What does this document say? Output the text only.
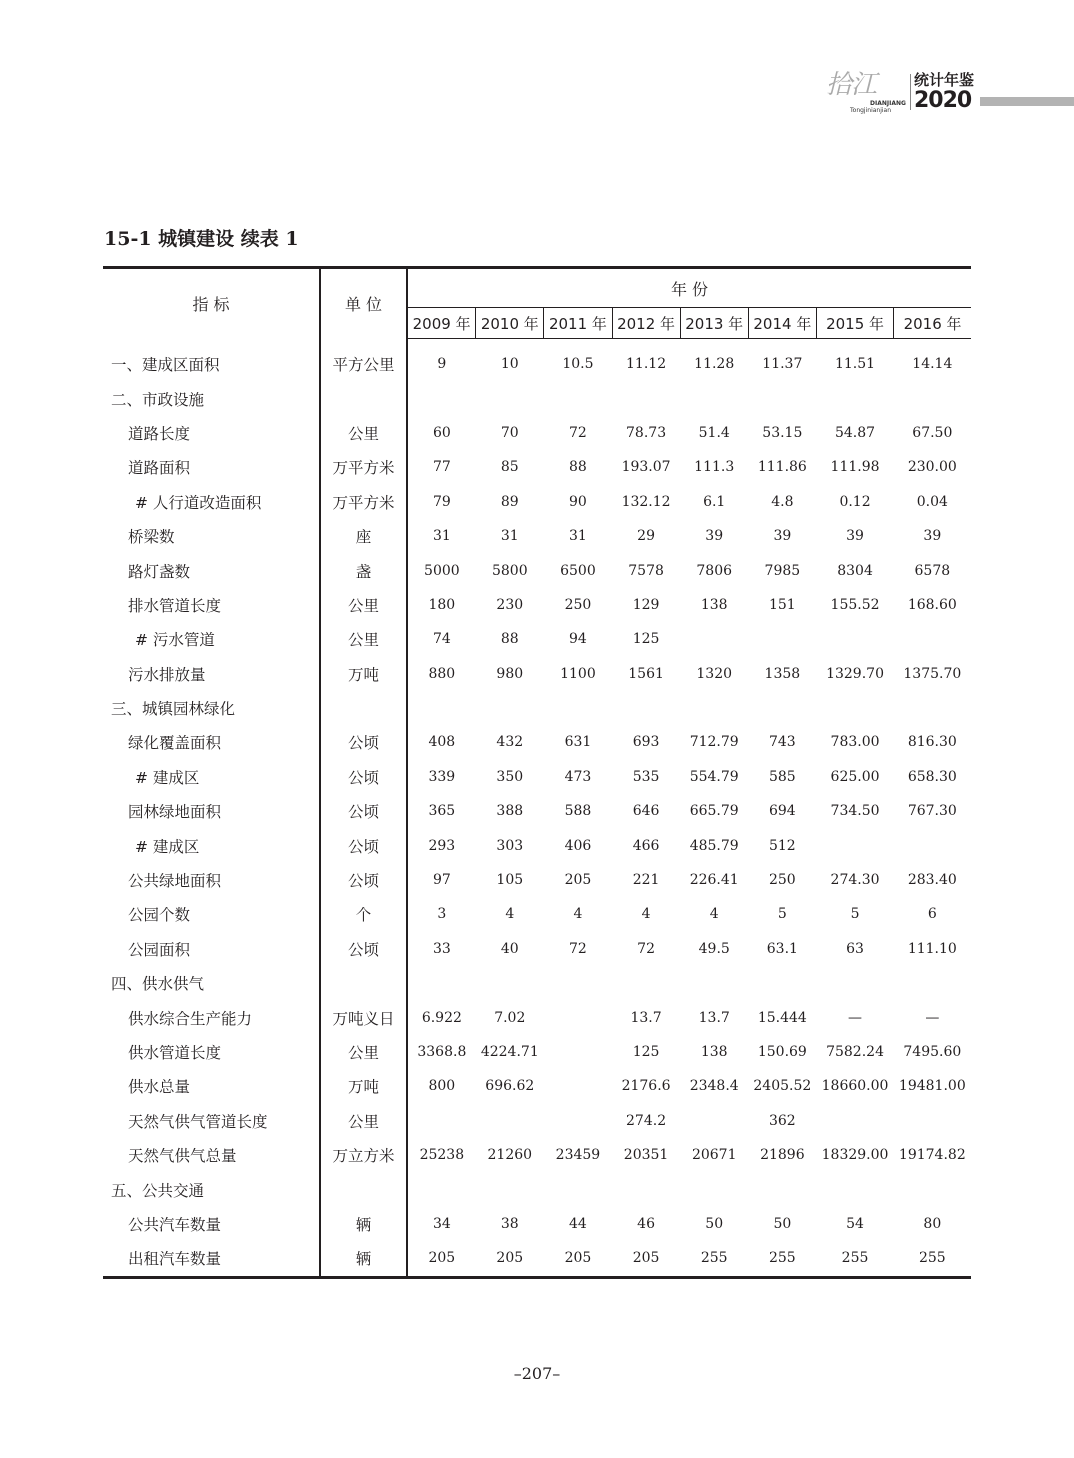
拾江
DIANJIANG
Tongjinianjian
统计年鉴
2020
15-1 城镇建设 续表 1
指 标	单 位	年 份							
		2009 年	2010 年	2011 年	2012 年	2013 年	2014 年	2015 年	2016 年
一、建成区面积	平方公里	9	10	10.5	11.12	11.28	11.37	11.51	14.14
二、市政设施									
道路长度	公里	60	70	72	78.73	51.4	53.15	54.87	67.50
道路面积	万平方米	77	85	88	193.07	111.3	111.86	111.98	230.00
# 人行道改造面积	万平方米	79	89	90	132.12	6.1	4.8	0.12	0.04
桥梁数	座	31	31	31	29	39	39	39	39
路灯盏数	盏	5000	5800	6500	7578	7806	7985	8304	6578
排水管道长度	公里	180	230	250	129	138	151	155.52	168.60
# 污水管道	公里	74	88	94	125				
污水排放量	万吨	880	980	1100	1561	1320	1358	1329.70	1375.70
三、城镇园林绿化									
绿化覆盖面积	公顷	408	432	631	693	712.79	743	783.00	816.30
# 建成区	公顷	339	350	473	535	554.79	585	625.00	658.30
园林绿地面积	公顷	365	388	588	646	665.79	694	734.50	767.30
# 建成区	公顷	293	303	406	466	485.79	512		
公共绿地面积	公顷	97	105	205	221	226.41	250	274.30	283.40
公园个数	个	3	4	4	4	4	5	5	6
公园面积	公顷	33	40	72	72	49.5	63.1	63	111.10
四、供水供气									
供水综合生产能力	万吨义日	6.922	7.02		13.7	13.7	15.444	—	—
供水管道长度	公里	3368.8	4224.71		125	138	150.69	7582.24	7495.60
供水总量	万吨	800	696.62		2176.6	2348.4	2405.52	18660.00	19481.00
天然气供气管道长度	公里				274.2		362		
天然气供气总量	万立方米	25238	21260	23459	20351	20671	21896	18329.00	19174.82
五、公共交通									
公共汽车数量	辆	34	38	44	46	50	50	54	80
出租汽车数量	辆	205	205	205	205	255	255	255	255
–207–
